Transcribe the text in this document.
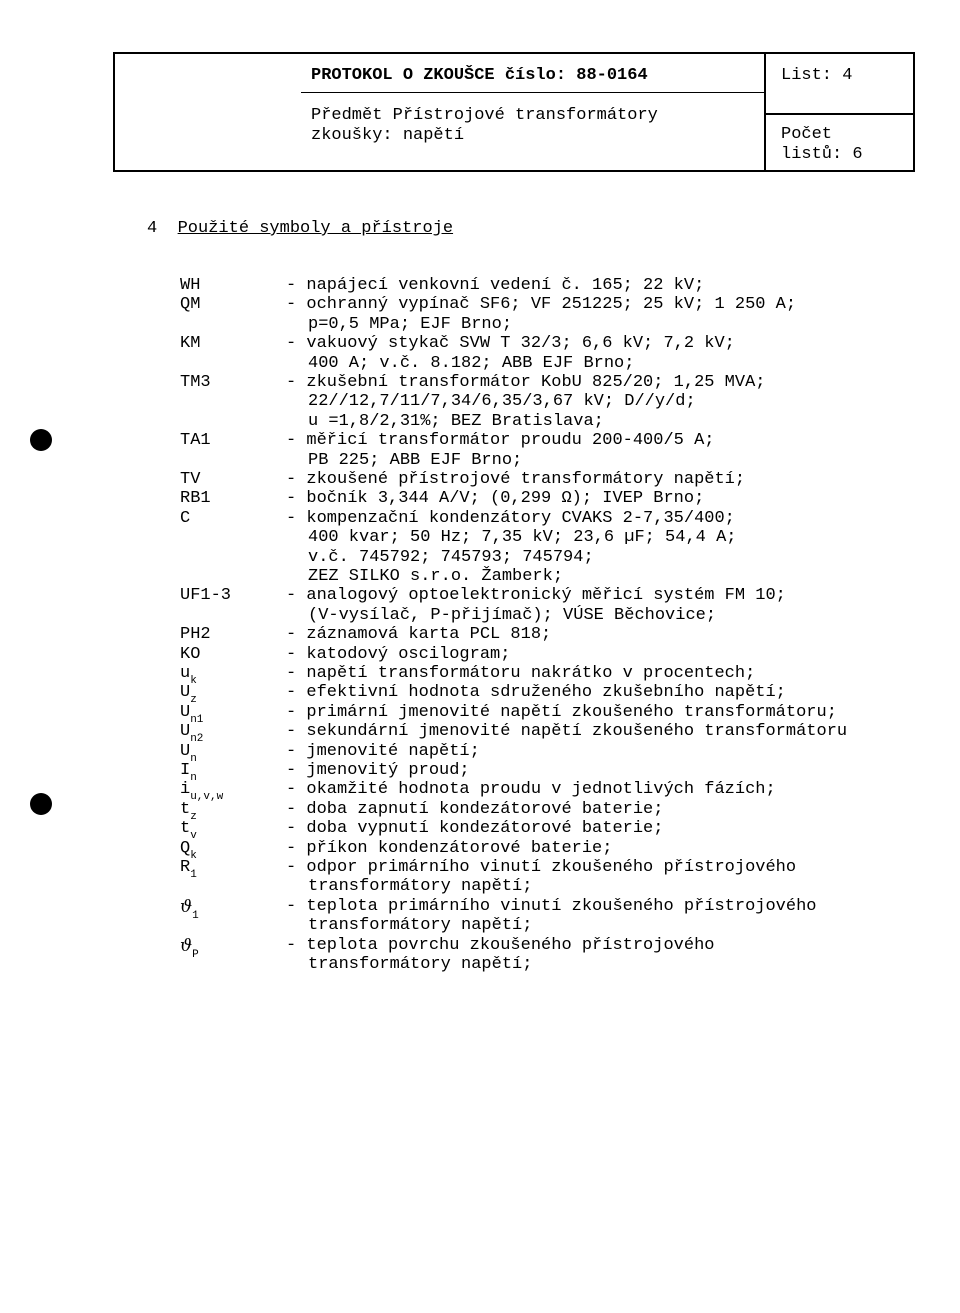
PROTOKOL O ZKOUŠCE číslo: 88-0164
Předmět Přístrojové transformátory
zkoušky: napětí
List: 4
Počet
listů: 6
4 Použité symboly a přístroje
WH	- napájecí venkovní vedení č. 165; 22 kV;
QM	- ochranný vypínač SF6; VF 251225; 25 kV; 1 250 A;
p=0,5 MPa; EJF Brno;
KM	- vakuový stykač SVW T 32/3; 6,6 kV; 7,2 kV;
400 A; v.č. 8.182; ABB EJF Brno;
TM3	- zkušební transformátor KobU 825/20; 1,25 MVA;
22//12,7/11/7,34/6,35/3,67 kV; D//y/d;
u =1,8/2,31%; BEZ Bratislava;
TA1	- měřicí transformátor proudu 200-400/5 A;
PB 225; ABB EJF Brno;
TV	- zkoušené přístrojové transformátory napětí;
RB1	- bočník 3,344 A/V; (0,299 Ω); IVEP Brno;
C	- kompenzační kondenzátory CVAKS 2-7,35/400;
400 kvar; 50 Hz; 7,35 kV; 23,6 µF; 54,4 A;
v.č. 745792; 745793; 745794;
ZEZ SILKO s.r.o. Žamberk;
UF1-3	- analogový optoelektronický měřicí systém FM 10;
(V-vysílač, P-přijímač); VÚSE Běchovice;
PH2	- záznamová karta PCL 818;
KO	- katodový oscilogram;
$u_k$	- napětí transformátoru nakrátko v procentech;
$U_z$	- efektivní hodnota sdruženého zkušebního napětí;
$U_{n1}$	- primární jmenovité napětí zkoušeného transformátoru;
$U_{n2}$	- sekundární jmenovité napětí zkoušeného transformátoru
$U_n$	- jmenovité napětí;
$I_n$	- jmenovitý proud;
$i_{u,v,w}$	- okamžité hodnota proudu v jednotlivých fázích;
$t_z$	- doba zapnutí kondezátorové baterie;
$t_v$	- doba vypnutí kondezátorové baterie;
$Q_k$	- příkon kondenzátorové baterie;
$R_1$	- odpor primárního vinutí zkoušeného přístrojového
transformátory napětí;
$ϑ_1$	- teplota primárního vinutí zkoušeného přístrojového
transformátory napětí;
$ϑ_P$	- teplota povrchu zkoušeného přístrojového
transformátory napětí;
